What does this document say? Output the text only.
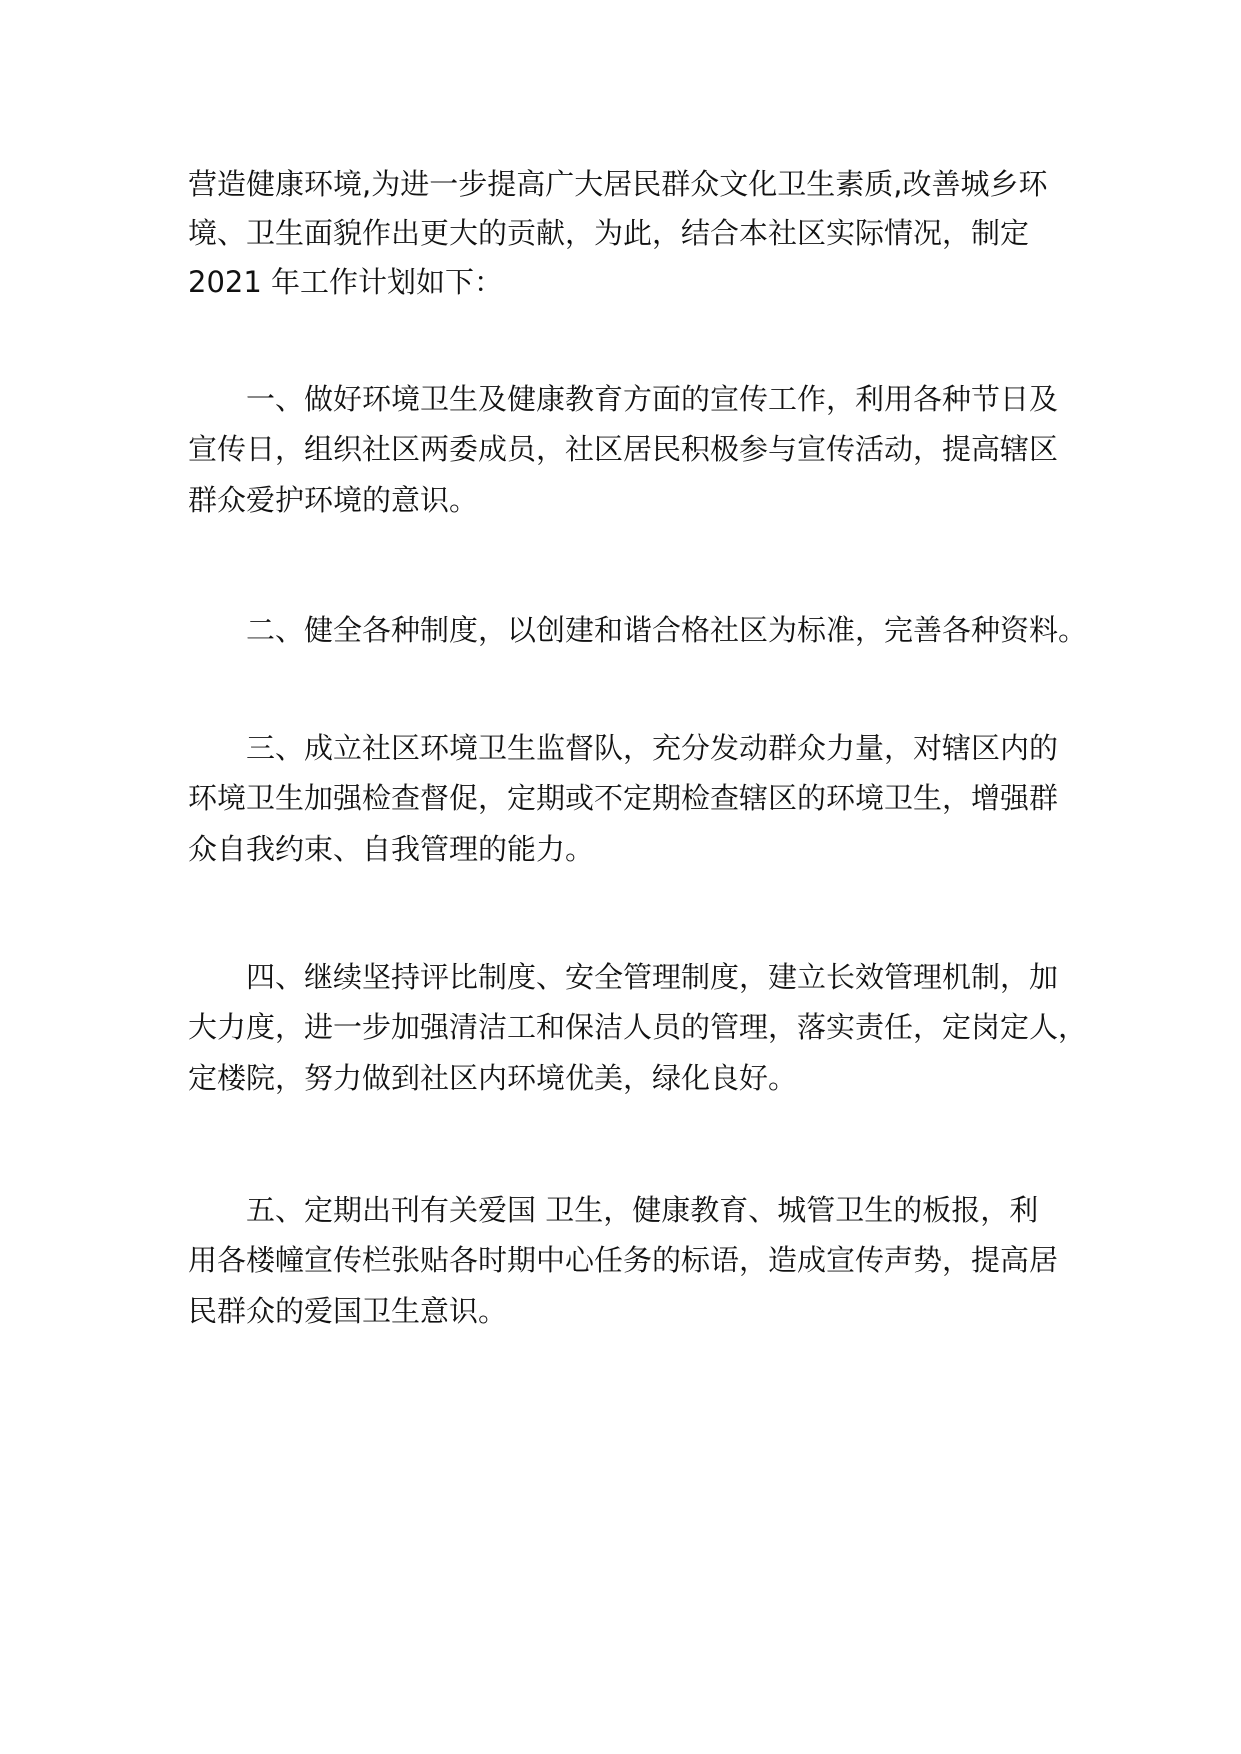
营造健康环境,为进一步提高广大居民群众文化卫生素质,改善城乡环

境、卫生面貌作出更大的贡献，为此，结合本社区实际情况，制定

2021 年工作计划如下：

一、做好环境卫生及健康教育方面的宣传工作，利用各种节日及

宣传日，组织社区两委成员，社区居民积极参与宣传活动，提高辖区

群众爱护环境的意识。

二、健全各种制度，以创建和谐合格社区为标准，完善各种资料。

三、成立社区环境卫生监督队，充分发动群众力量，对辖区内的

环境卫生加强检查督促，定期或不定期检查辖区的环境卫生，增强群

众自我约束、自我管理的能力。

四、继续坚持评比制度、安全管理制度，建立长效管理机制，加

大力度，进一步加强清洁工和保洁人员的管理，落实责任，定岗定人，

定楼院，努力做到社区内环境优美，绿化良好。

五、定期出刊有关爱国 卫生，健康教育、城管卫生的板报，利

用各楼幢宣传栏张贴各时期中心任务的标语，造成宣传声势，提高居

民群众的爱国卫生意识。
